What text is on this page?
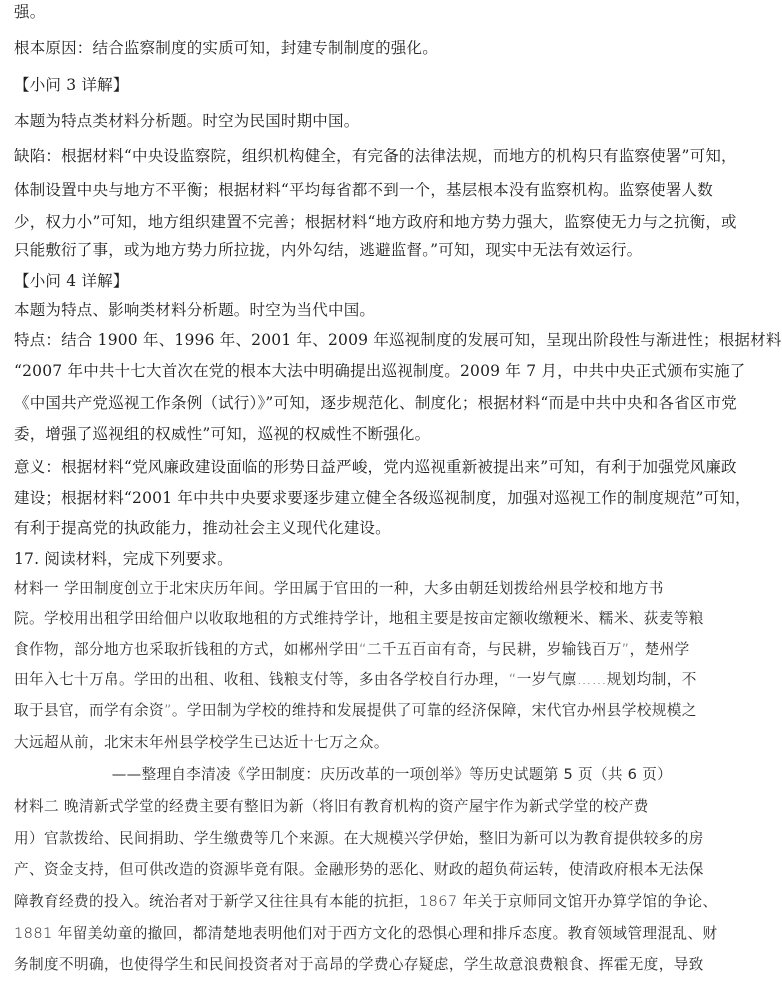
强。
根本原因：结合监察制度的实质可知，封建专制制度的强化。
【小问 3 详解】
本题为特点类材料分析题。时空为民国时期中国。
缺陷：根据材料“中央设监察院，组织机构健全，有完备的法律法规，而地方的机构只有监察使署”可知，
体制设置中央与地方不平衡；根据材料“平均每省都不到一个，基层根本没有监察机构。监察使署人数
少，权力小”可知，地方组织建置不完善；根据材料“地方政府和地方势力强大，监察使无力与之抗衡，或
只能敷衍了事，或为地方势力所拉拢，内外勾结，逃避监督。”可知，现实中无法有效运行。
【小问 4 详解】
本题为特点、影响类材料分析题。时空为当代中国。
特点：结合 1900 年、1996 年、2001 年、2009 年巡视制度的发展可知，呈现出阶段性与渐进性；根据材料
“2007 年中共十七大首次在党的根本大法中明确提出巡视制度。2009 年 7 月，中共中央正式颁布实施了
《中国共产党巡视工作条例（试行）》”可知，逐步规范化、制度化；根据材料“而是中共中央和各省区市党
委，增强了巡视组的权威性”可知，巡视的权威性不断强化。
意义：根据材料“党风廉政建设面临的形势日益严峻，党内巡视重新被提出来”可知，有利于加强党风廉政
建设；根据材料“2001 年中共中央要求要逐步建立健全各级巡视制度，加强对巡视工作的制度规范”可知，
有利于提高党的执政能力，推动社会主义现代化建设。
17. 阅读材料，完成下列要求。
材料一 学田制度创立于北宋庆历年间。学田属于官田的一种，大多由朝廷划拨给州县学校和地方书
院。学校用出租学田给佃户以收取地租的方式维持学计，地租主要是按亩定额收缴粳米、糯米、荻麦等粮
食作物，部分地方也采取折钱租的方式，如郴州学田“二千五百亩有奇，与民耕，岁输钱百万”，楚州学
田年入七十万帛。学田的出租、收租、钱粮支付等，多由各学校自行办理，“一岁气廪……规划均制，不
取于县官，而学有余资”。学田制为学校的维持和发展提供了可靠的经济保障，宋代官办州县学校规模之
大远超从前，北宋末年州县学校学生已达近十七万之众。
——整理自李清凌《学田制度：庆历改革的一项创举》等历史试题第 5 页（共 6 页）
材料二 晚清新式学堂的经费主要有整旧为新（将旧有教育机构的资产屋宇作为新式学堂的校产费
用）官款拨给、民间捐助、学生缴费等几个来源。在大规模兴学伊始，整旧为新可以为教育提供较多的房
产、资金支持，但可供改造的资源毕竟有限。金融形势的恶化、财政的超负荷运转，使清政府根本无法保
障教育经费的投入。统治者对于新学又往往具有本能的抗拒，1867 年关于京师同文馆开办算学馆的争论、
1881 年留美幼童的撤回，都清楚地表明他们对于西方文化的恐惧心理和排斥态度。教育领域管理混乱、财
务制度不明确，也使得学生和民间投资者对于高昂的学费心存疑虑，学生故意浪费粮食、挥霍无度，导致
